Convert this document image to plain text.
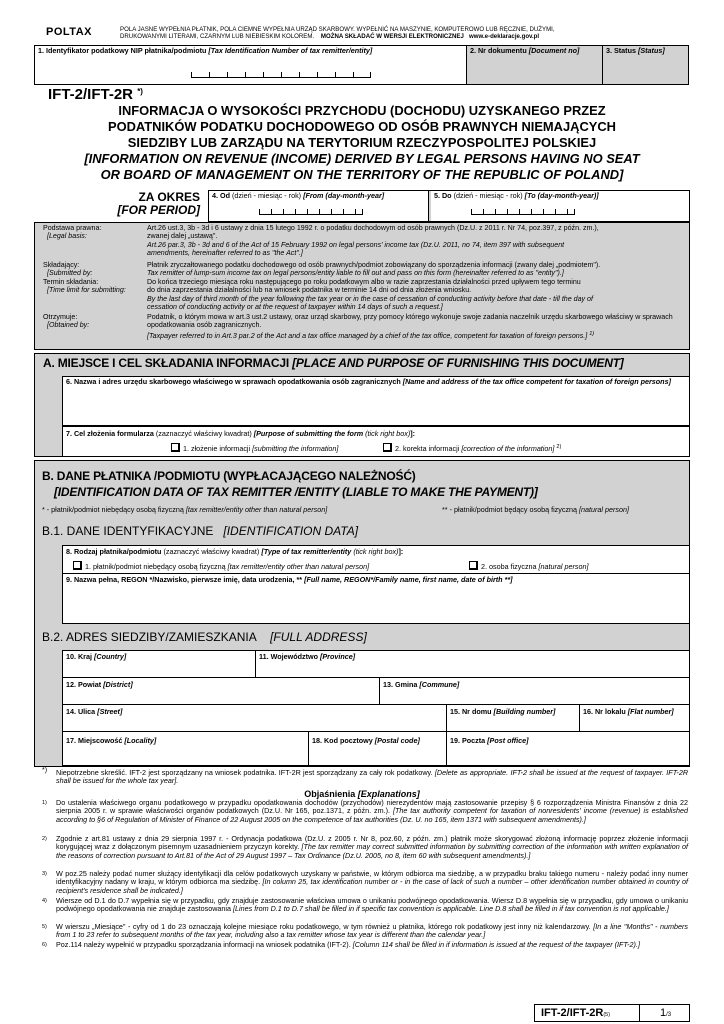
POLTAX	POLA JASNE WYPEŁNIA PŁATNIK, POLA CIEMNE WYPEŁNIA URZĄD SKARBOWY. WYPEŁNIĆ NA MASZYNIE, KOMPUTEROWO LUB RĘCZNIE, DUŻYMI,
DRUKOWANYMI LITERAMI, CZARNYM LUB NIEBIESKIM KOLOREM. MOŻNA SKŁADAĆ W WERSJI ELEKTRONICZNEJ www.e-deklaracje.gov.pl
1. Identyfikator podatkowy NIP płatnika/podmiotu [Tax Identification Number of tax remitter/entity]	2. Nr dokumentu [Document no]	3. Status [Status]
IFT-2/IFT-2R *)
INFORMACJA O WYSOKOŚCI PRZYCHODU (DOCHODU) UZYSKANEGO PRZEZ
PODATNIKÓW PODATKU DOCHODOWEGO OD OSÓB PRAWNYCH NIEMAJĄCYCH
SIEDZIBY LUB ZARZĄDU NA TERYTORIUM RZECZYPOSPOLITEJ POLSKIEJ
[INFORMATION ON REVENUE (INCOME) DERIVED BY LEGAL PERSONS HAVING NO SEAT
OR BOARD OF MANAGEMENT ON THE TERRITORY OF THE REPUBLIC OF POLAND]
ZA OKRES
[FOR PERIOD]
4. Od (dzień - miesiąc - rok) [From (day-month-year]	5. Do (dzień - miesiąc - rok) [To (day-month-year)]
Podstawa prawna:
[Legal basis:
Art.26 ust.3, 3b - 3d i 6 ustawy z dnia 15 lutego 1992 r. o podatku dochodowym od osób prawnych (Dz.U. z 2011 r. Nr 74, poz.397, z późn. zm.),
zwanej dalej „ustawą".
Art.26 par.3, 3b - 3d and 6 of the Act of 15 February 1992 on legal persons' income tax (Dz.U. 2011, no 74, item 397 with subsequent
amendments, hereinafter referred to as "the Act".]
Składający:
[Submitted by:
Płatnik zryczałtowanego podatku dochodowego od osób prawnych/podmiot zobowiązany do sporządzenia informacji (zwany dalej „podmiotem").
Tax remitter of lump-sum income tax on legal persons/entity liable to fill out and pass on this form (hereinafter referred to as "entity").]
Termin składania:
[Time limit for submitting:
Do końca trzeciego miesiąca roku następującego po roku podatkowym albo w razie zaprzestania działalności przed upływem tego terminu
do dnia zaprzestania działalności lub na wniosek podatnika w terminie 14 dni od dnia złożenia wniosku.
By the last day of third month of the year following the tax year or in the case of cessation of conducting activity before that date - till the day of
cessation of conducting activity or at the request of taxpayer within 14 days of such a request.]
Otrzymuje:
[Obtained by:
Podatnik, o którym mowa w art.3 ust.2 ustawy, oraz urząd skarbowy, przy pomocy którego wykonuje swoje zadania naczelnik urzędu skarbowego właściwy w sprawach
opodatkowania osób zagranicznych.
[Taxpayer referred to in Art.3 par.2 of the Act and a tax office managed by a chief of the tax office, competent for taxation of foreign persons.] $^{1)}$
A. MIEJSCE I CEL SKŁADANIA INFORMACJI [PLACE AND PURPOSE OF FURNISHING THIS DOCUMENT]
6. Nazwa i adres urzędu skarbowego właściwego w sprawach opodatkowania osób zagranicznych [Name and address of the tax office competent for taxation of foreign persons]
7. Cel złożenia formularza (zaznaczyć właściwy kwadrat) [Purpose of submitting the form (tick right box)]:
1. złożenie informacji [submitting the information]	2. korekta informacji [correction of the information] $^{2)}$
B. DANE PŁATNIKA /PODMIOTU (WYPŁACAJĄCEGO NALEŻNOŚĆ)
[IDENTIFICATION DATA OF TAX REMITTER /ENTITY (LIABLE TO MAKE THE PAYMENT)]
* - płatnik/podmiot niebędący osobą fizyczną [tax remitter/entity other than natural person]	** - płatnik/podmiot będący osobą fizyczną [natural person]
B.1. DANE IDENTYFIKACYJNE [IDENTIFICATION DATA]
8. Rodzaj płatnika/podmiotu (zaznaczyć właściwy kwadrat) [Type of tax remitter/entity (tick right box)]:
1. płatnik/podmiot niebędący osobą fizyczną [tax remitter/entity other than natural person]	2. osoba fizyczna [natural person]
9. Nazwa pełna, REGON */Nazwisko, pierwsze imię, data urodzenia, ** [Full name, REGON*/Family name, first name, date of birth **]
B.2. ADRES SIEDZIBY/ZAMIESZKANIA [FULL ADDRESS]
10. Kraj [Country]	11. Województwo [Province]
12. Powiat [District]	13. Gmina [Commune]
14. Ulica [Street]	15. Nr domu [Building number]	16. Nr lokalu [Flat number]
17. Miejscowość [Locality]	18. Kod pocztowy [Postal code]	19. Poczta [Post office]
*)	Niepotrzebne skreślić. IFT-2 jest sporządzany na wniosek podatnika. IFT-2R jest sporządzany za cały rok podatkowy. [Delete as appropriate. IFT-2 shall be issued at the request of taxpayer. IFT-2R shall be issued for the whole tax year].
Objaśnienia [Explanations]
1)	Do ustalenia właściwego organu podatkowego w przypadku opodatkowania dochodów (przychodów) nierezydentów mają zastosowanie przepisy § 6 rozporządzenia Ministra Finansów z dnia 22 sierpnia 2005 r. w sprawie właściwości organów podatkowych (Dz.U. Nr 165, poz.1371, z późn. zm.). [The tax authority competent for taxation of nonresidents' income (revenue) is established according to §6 of Regulation of Minister of Finance of 22 August 2005 on the competence of tax authorities (Dz. U. no 165, item 1371 with subsequent amendments).]
2)	Zgodnie z art.81 ustawy z dnia 29 sierpnia 1997 r. - Ordynacja podatkowa (Dz.U. z 2005 r. Nr 8, poz.60, z późn. zm.) płatnik może skorygować złożoną informację poprzez złożenie informacji korygującej wraz z dołączonym pisemnym uzasadnieniem przyczyn korekty. [The tax remitter may correct submitted information by submitting correction of the information with written explanation of the reasons of correction pursuant to Art.81 of the Act of 29 August 1997 – Tax Ordinance (Dz.U. 2005, no 8, item 60 with subsequent amendments).]
3)	W poz.25 należy podać numer służący identyfikacji dla celów podatkowych uzyskany w państwie, w którym odbiorca ma siedzibę, a w przypadku braku takiego numeru - należy podać inny numer identyfikacyjny nadany w kraju, w którym odbiorca ma siedzibę. [In column 25, tax identification number or - in the case of lack of such a number – other identification number obtained in country of recipient's residence shall be indicated.]
4)	Wiersze od D.1 do D.7 wypełnia się w przypadku, gdy znajduje zastosowanie właściwa umowa o unikaniu podwójnego opodatkowania. Wiersz D.8 wypełnia się w przypadku, gdy umowa o unikaniu podwójnego opodatkowania nie znajduje zastosowania [Lines from D.1 to D.7 shall be filled in if specific tax convention is applicable. Line D.8 shall be filled in if tax convention is not applicable.]
5)	W wierszu „Miesiące" - cyfry od 1 do 23 oznaczają kolejne miesiące roku podatkowego, w tym również u płatnika, którego rok podatkowy jest inny niż kalendarzowy. [In a line "Months" - numbers from 1 to 23 refer to subsequent months of the tax year, including also a tax remitter whose tax year is different than the calendar year.]
6)	Poz.114 należy wypełnić w przypadku sporządzania informacji na wniosek podatnika (IFT-2). [Column 114 shall be filled in if information is issued at the request of the taxpayer (IFT-2).]
IFT-2/IFT-2R(5)	1/3
